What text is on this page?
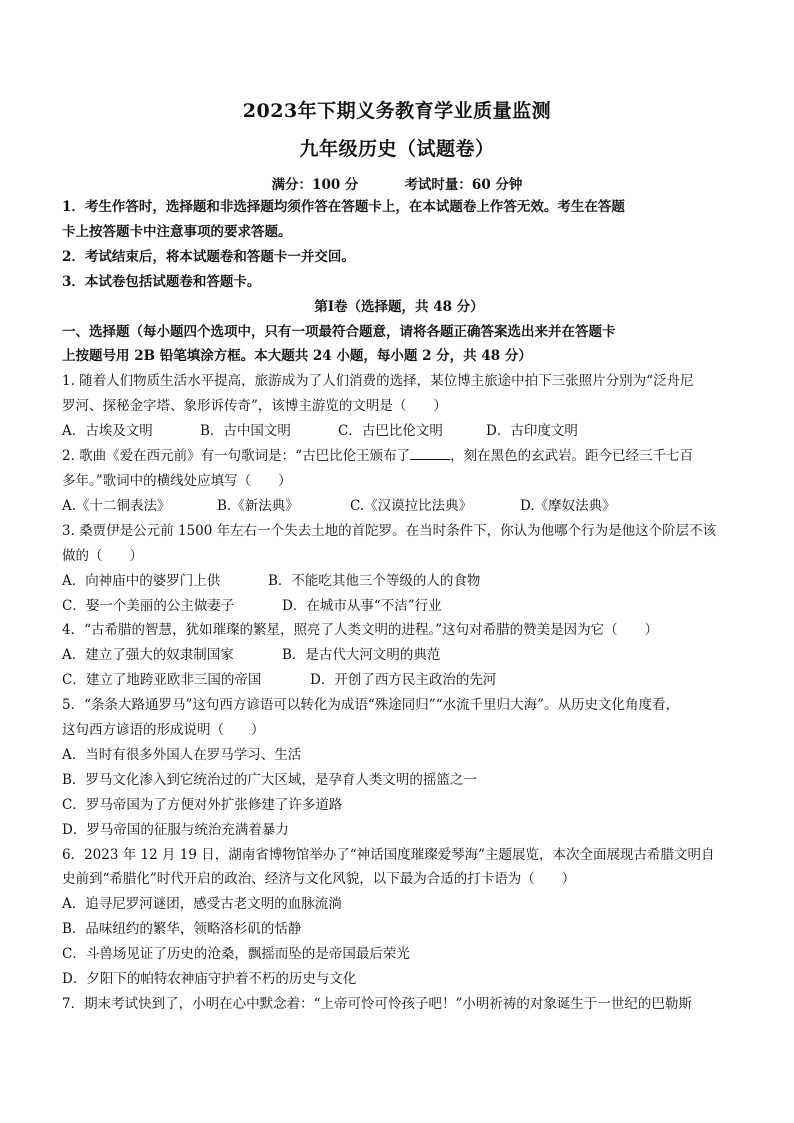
2023年下期义务教育学业质量监测
九年级历史（试题卷）
满分：100 分	考试时量：60 分钟
1．考生作答时，选择题和非选择题均须作答在答题卡上，在本试题卷上作答无效。考生在答题
卡上按答题卡中注意事项的要求答题。
2．考试结束后，将本试题卷和答题卡一并交回。
3．本试卷包括试题卷和答题卡。
第Ⅰ卷（选择题，共 48 分）
一、选择题（每小题四个选项中，只有一项最符合题意，请将各题正确答案选出来并在答题卡
上按题号用 2B 铅笔填涂方框。本大题共 24 小题，每小题 2 分，共 48 分）
1. 随着人们物质生活水平提高，旅游成为了人们消费的选择，某位博主旅途中拍下三张照片分别为“泛舟尼
罗河、探秘金字塔、象形诉传奇”，该博主游览的文明是（　　）
A．古埃及文明	B．古中国文明	C．古巴比伦文明	D．古印度文明
2. 歌曲《爱在西元前》有一句歌词是：“古巴比伦王颁布了	，刻在黑色的玄武岩。距今已经三千七百
多年。”歌词中的横线处应填写（　　）
A.《十二铜表法》	B.《新法典》	C.《汉谟拉比法典》	D.《摩奴法典》
3. 桑贾伊是公元前 1500 年左右一个失去土地的首陀罗。在当时条件下，你认为他哪个行为是他这个阶层不该
做的（　　）
A．向神庙中的婆罗门上供	B．不能吃其他三个等级的人的食物
C．娶一个美丽的公主做妻子	D．在城市从事“不洁”行业
4．“古希腊的智慧，犹如璀璨的繁星，照亮了人类文明的进程。”这句对希腊的赞美是因为它（　　）
A．建立了强大的奴隶制国家	B．是古代大河文明的典范
C．建立了地跨亚欧非三国的帝国	D．开创了西方民主政治的先河
5．“条条大路通罗马”这句西方谚语可以转化为成语“殊途同归”“水流千里归大海”。从历史文化角度看，
这句西方谚语的形成说明（　　）
A．当时有很多外国人在罗马学习、生活
B．罗马文化渗入到它统治过的广大区域，是孕育人类文明的摇篮之一
C．罗马帝国为了方便对外扩张修建了许多道路
D．罗马帝国的征服与统治充满着暴力
6．2023 年 12 月 19 日，湖南省博物馆举办了“神话国度璀璨爱琴海”主题展览，本次全面展现古希腊文明自
史前到“希腊化”时代开启的政治、经济与文化风貌，以下最为合适的打卡语为（　　）
A．追寻尼罗河谜团，感受古老文明的血脉流淌
B．品味纽约的繁华，领略洛杉矶的恬静
C．斗兽场见证了历史的沧桑，飘摇而坠的是帝国最后荣光
D．夕阳下的帕特农神庙守护着不朽的历史与文化
7．期末考试快到了，小明在心中默念着：“上帝可怜可怜孩子吧！”小明祈祷的对象诞生于一世纪的巴勒斯
